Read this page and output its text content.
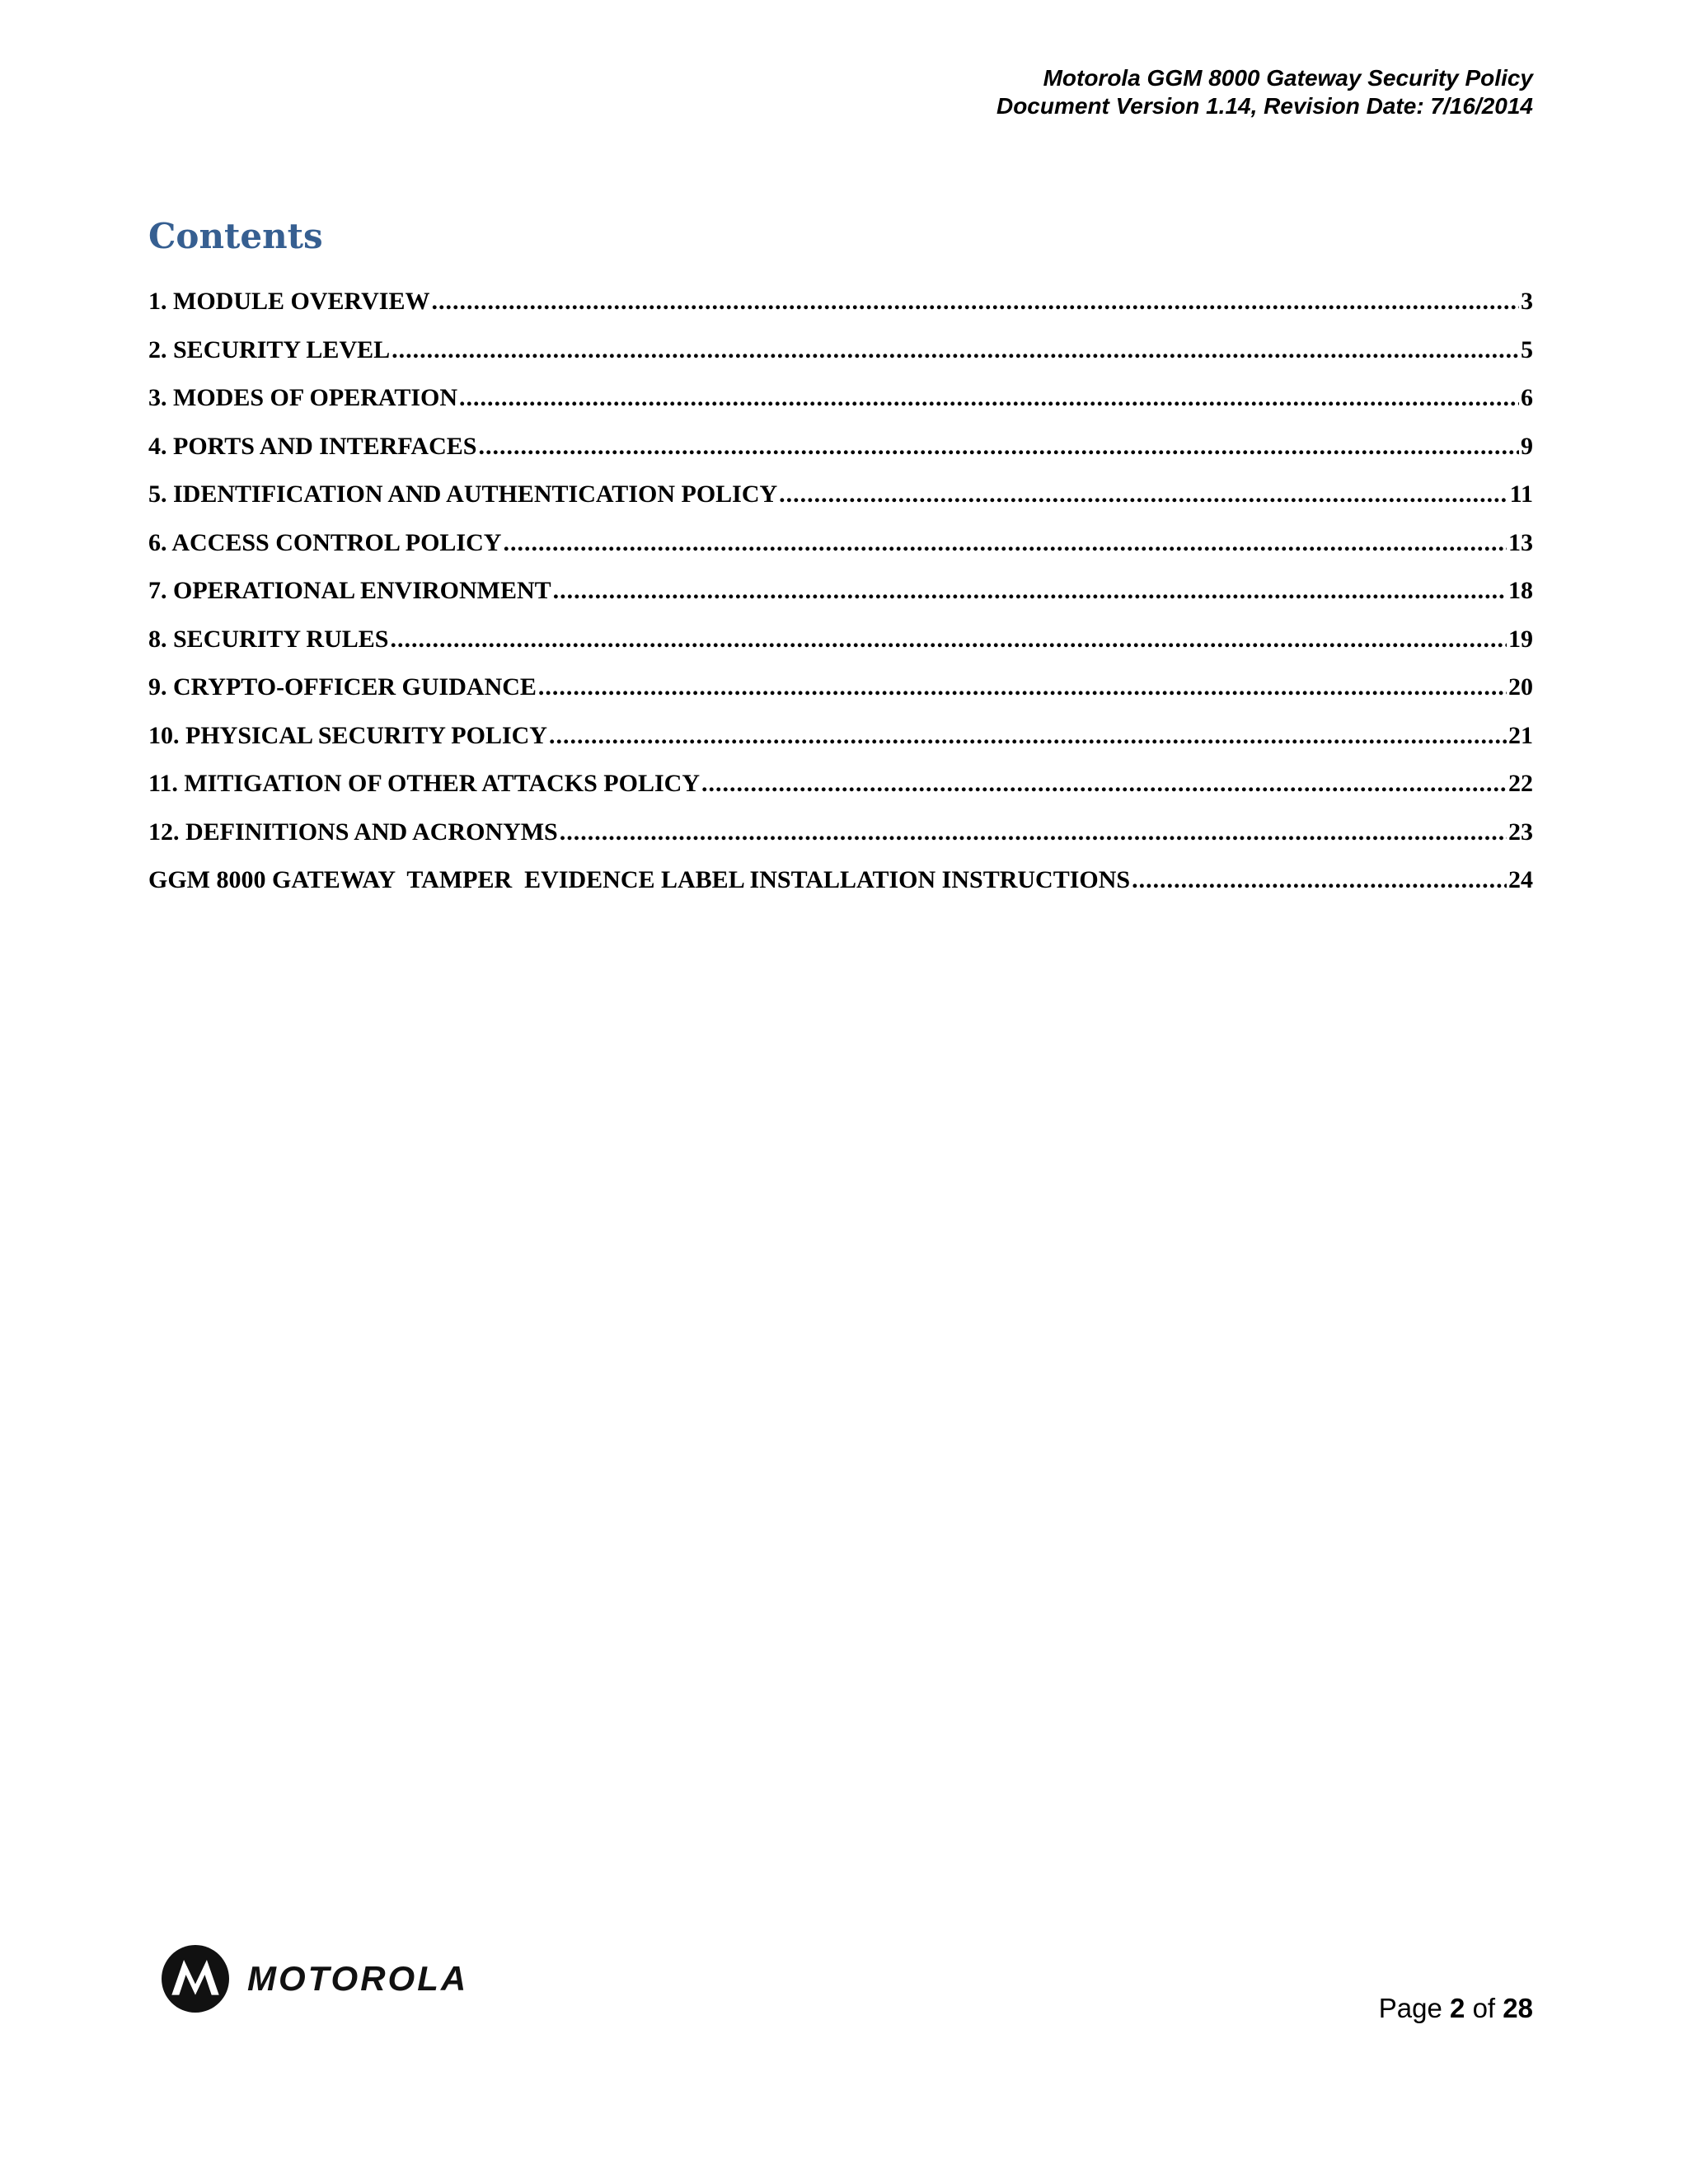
Motorola GGM 8000 Gateway Security Policy
Document Version 1.14, Revision Date: 7/16/2014
Contents
1. MODULE OVERVIEW .....	3
2. SECURITY LEVEL .....	5
3. MODES OF OPERATION .....	6
4. PORTS AND INTERFACES .....	9
5. IDENTIFICATION AND AUTHENTICATION POLICY .....	11
6. ACCESS CONTROL POLICY .....	13
7. OPERATIONAL ENVIRONMENT .....	18
8. SECURITY RULES .....	19
9. CRYPTO-OFFICER GUIDANCE .....	20
10. PHYSICAL SECURITY POLICY .....	21
11. MITIGATION OF OTHER ATTACKS POLICY .....	22
12. DEFINITIONS AND ACRONYMS .....	23
GGM 8000 GATEWAY  TAMPER  EVIDENCE LABEL INSTALLATION INSTRUCTIONS .....	24
MOTOROLA
Page 2 of 28
